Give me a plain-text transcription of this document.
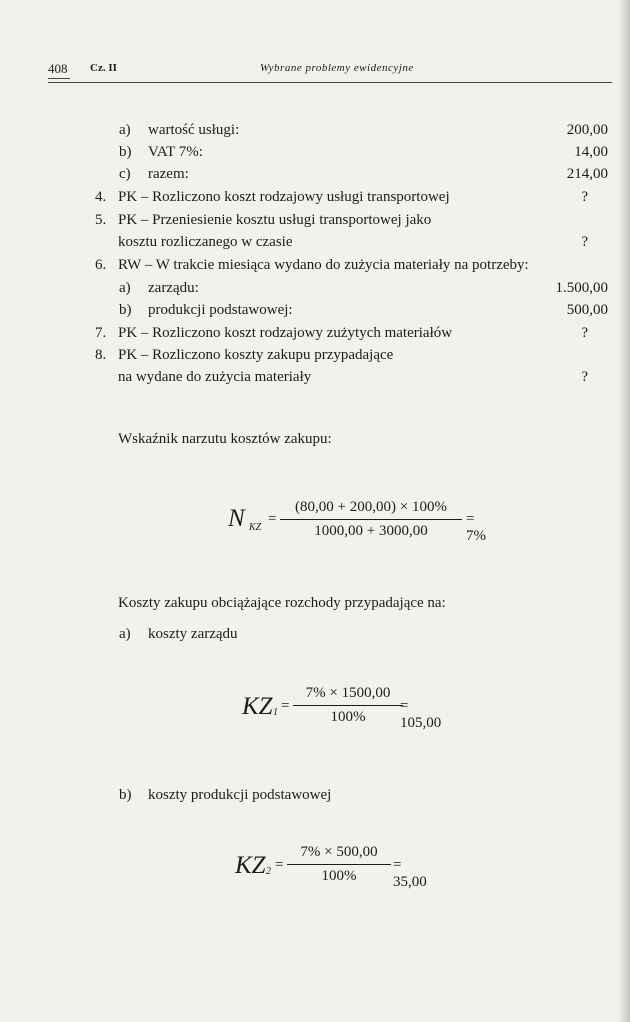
408 Cz. II	Wybrane problemy ewidencyjne
a) wartość usługi:	200,00
b) VAT 7%:	14,00
c) razem:	214,00
4. PK – Rozliczono koszt rodzajowy usługi transportowej	?
5. PK – Przeniesienie kosztu usługi transportowej jako
kosztu rozliczanego w czasie	?
6. RW – W trakcie miesiąca wydano do zużycia materiały na potrzeby:
a) zarządu:	1.500,00
b) produkcji podstawowej:	500,00
7. PK – Rozliczono koszt rodzajowy zużytych materiałów	?
8. PK – Rozliczono koszty zakupu przypadające
na wydane do zużycia materiały	?
Wskaźnik narzutu kosztów zakupu:
N KZ
=
(80,00 + 200,00) × 100%
1000,00 + 3000,00
= 7%
Koszty zakupu obciążające rozchody przypadające na:
a) koszty zarządu
KZ 1 =
7% × 1500,00
100%
= 105,00
b) koszty produkcji podstawowej
KZ 2 =
7% × 500,00
100%
= 35,00
